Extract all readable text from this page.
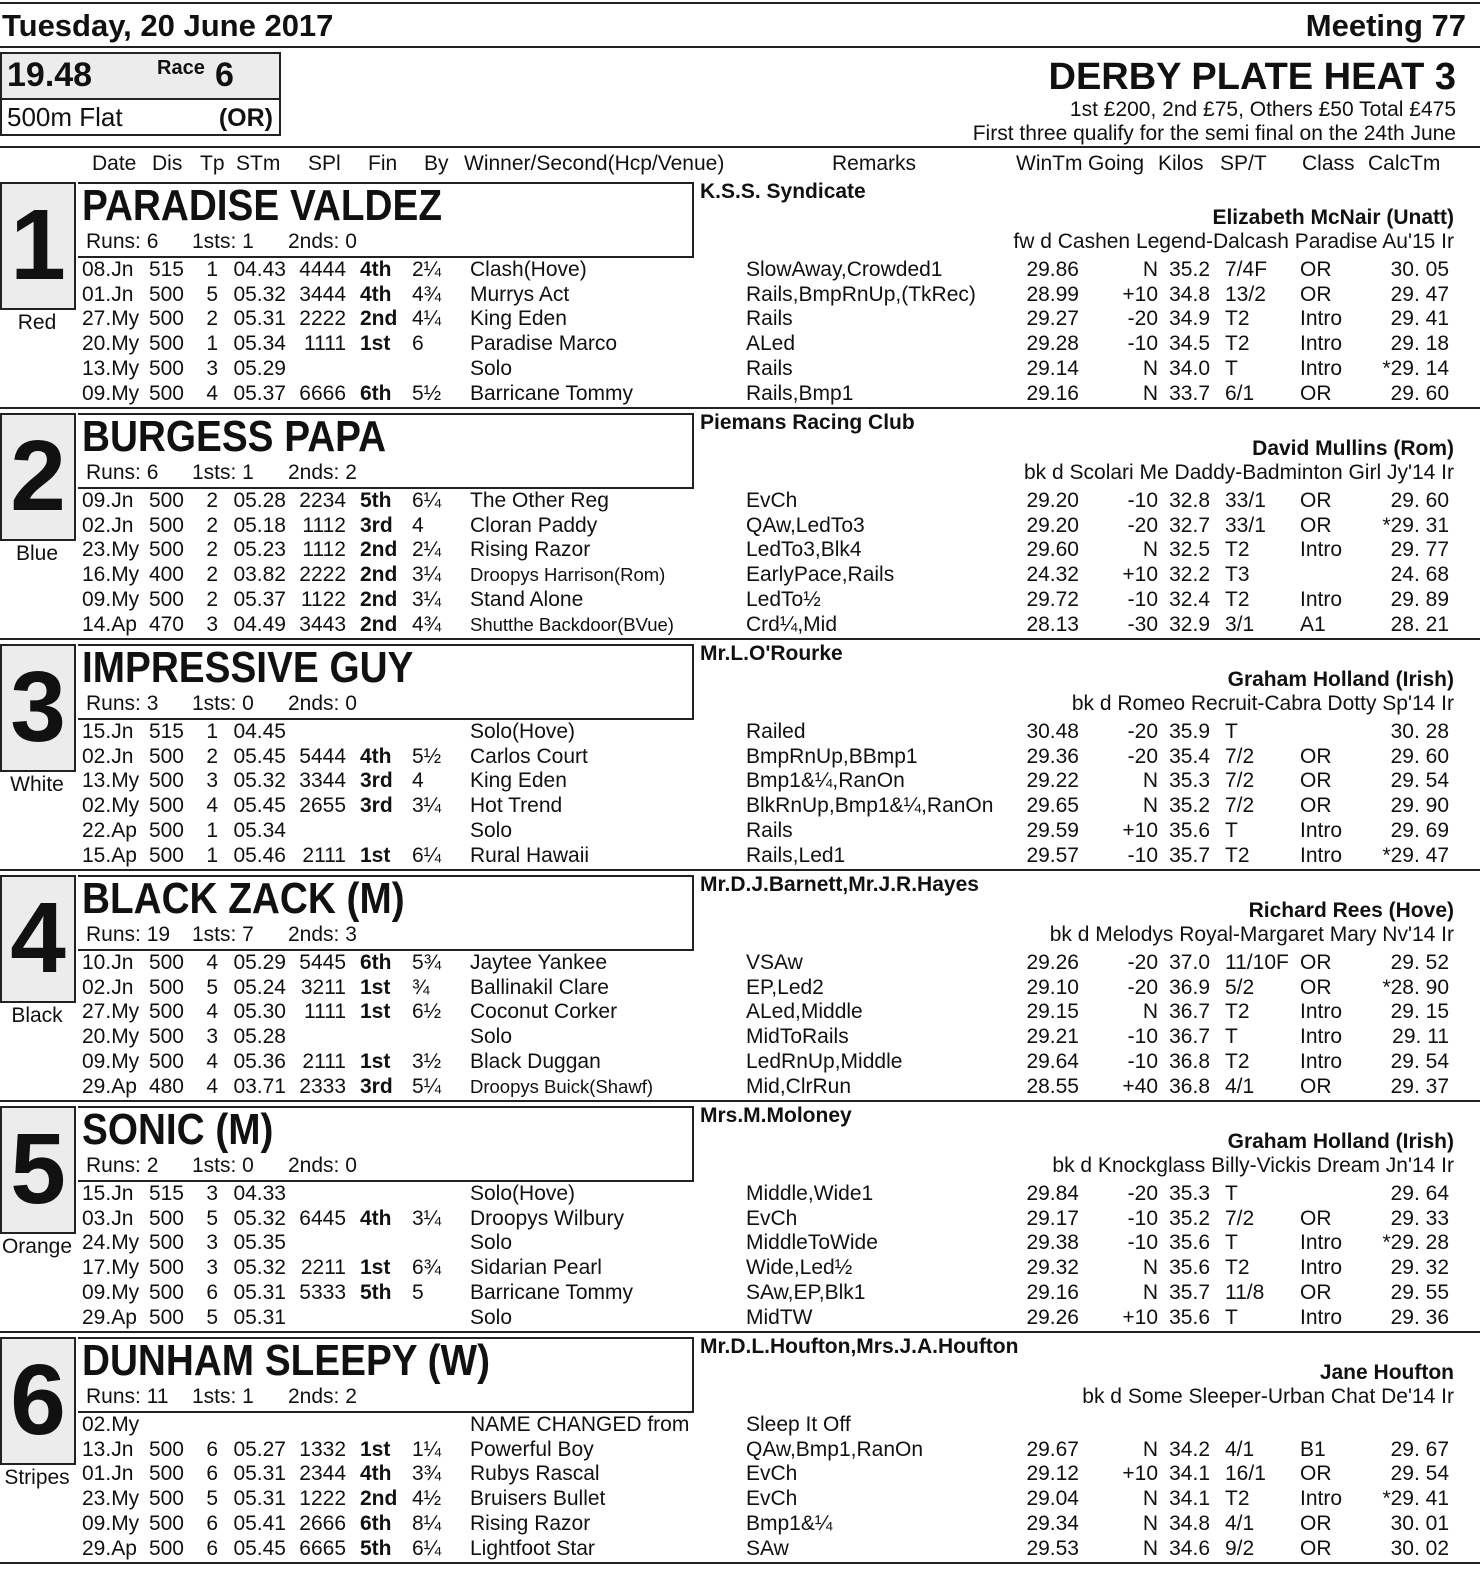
Tuesday, 20 June 2017	Meeting 77
19.48	Race 6
500m Flat	(OR)
DERBY PLATE HEAT 3
1st £200, 2nd £75, Others £50 Total £475
First three qualify for the semi final on the 24th June
Date Dis Tp STm SPl Fin By Winner/Second(Hcp/Venue)	Remarks	WinTm Going Kilos SP/T Class CalcTm
1
Red
PARADISE VALDEZ
Runs: 6 1sts: 1 2nds: 0
K.S.S. Syndicate
Elizabeth McNair (Unatt)
fw d Cashen Legend-Dalcash Paradise Au'15 Ir
08.Jn 515 1 04.43 4444 4th 2¼ Clash(Hove)	SlowAway,Crowded1	29.86	N 35.2 7/4F OR	30. 05
01.Jn 500 5 05.32 3444 4th 4¾ Murrys Act	Rails,BmpRnUp,(TkRec) 28.99 +10 34.8 13/2 OR	29. 47
27.My 500 2 05.31 2222 2nd 4¼ King Eden	Rails	29.27 -20 34.9 T2 Intro 29. 41
20.My 500 1 05.34 1111 1st 6 Paradise Marco	ALed	29.28 -10 34.5 T2 Intro 29. 18
13.My 500 3 05.29	Solo	Rails	29.14	N 34.0 T	Intro *29. 14
09.My 500 4 05.37 6666 6th 5½ Barricane Tommy	Rails,Bmp1	29.16	N 33.7 6/1 OR	29. 60
2
Blue
BURGESS PAPA
Runs: 6 1sts: 1 2nds: 2
Piemans Racing Club
David Mullins (Rom)
bk d Scolari Me Daddy-Badminton Girl Jy'14 Ir
09.Jn 500 2 05.28 2234 5th 6¼ The Other Reg	EvCh	29.20 -10 32.8 33/1 OR	29. 60
02.Jn 500 2 05.18 1112 3rd 4 Cloran Paddy	QAw,LedTo3	29.20 -20 32.7 33/1 OR *29. 31
23.My 500 2 05.23 1112 2nd 2¼ Rising Razor	LedTo3,Blk4	29.60	N 32.5 T2 Intro 29. 77
16.My 400 2 03.82 2222 2nd 3¼ Droopys Harrison(Rom)	EarlyPace,Rails	24.32 +10 32.2 T3	24. 68
09.My 500 2 05.37 1122 2nd 3¼ Stand Alone	LedTo½	29.72 -10 32.4 T2 Intro 29. 89
14.Ap 470 3 04.49 3443 2nd 4¾ Shutthe Backdoor(BVue)	Crd¼,Mid	28.13 -30 32.9 3/1 A1	28. 21
3
White
IMPRESSIVE GUY
Runs: 3 1sts: 0 2nds: 0
Mr.L.O'Rourke
Graham Holland (Irish)
bk d Romeo Recruit-Cabra Dotty Sp'14 Ir
15.Jn 515 1 04.45	Solo(Hove)	Railed	30.48 -20 35.9 T	30. 28
02.Jn 500 2 05.45 5444 4th 5½ Carlos Court	BmpRnUp,BBmp1	29.36 -20 35.4 7/2 OR	29. 60
13.My 500 3 05.32 3344 3rd 4 King Eden	Bmp1&¼,RanOn	29.22	N 35.3 7/2 OR	29. 54
02.My 500 4 05.45 2655 3rd 3¼ Hot Trend	BlkRnUp,Bmp1&¼,RanOn 29.65	N 35.2 7/2 OR	29. 90
22.Ap 500 1 05.34	Solo	Rails	29.59 +10 35.6 T	Intro 29. 69
15.Ap 500 1 05.46 2111 1st 6¼ Rural Hawaii	Rails,Led1	29.57 -10 35.7 T2 Intro *29. 47
4
Black
BLACK ZACK (M)
Runs: 19 1sts: 7 2nds: 3
Mr.D.J.Barnett,Mr.J.R.Hayes
Richard Rees (Hove)
bk d Melodys Royal-Margaret Mary Nv'14 Ir
10.Jn 500 4 05.29 5445 6th 5¾ Jaytee Yankee	VSAw	29.26 -20 37.0 11/10F OR	29. 52
02.Jn 500 5 05.24 3211 1st ¾ Ballinakil Clare	EP,Led2	29.10 -20 36.9 5/2 OR *28. 90
27.My 500 4 05.30 1111 1st 6½ Coconut Corker	ALed,Middle	29.15	N 36.7 T2 Intro 29. 15
20.My 500 3 05.28	Solo	MidToRails	29.21 -10 36.7 T	Intro 29. 11
09.My 500 4 05.36 2111 1st 3½ Black Duggan	LedRnUp,Middle	29.64 -10 36.8 T2 Intro 29. 54
29.Ap 480 4 03.71 2333 3rd 5¼ Droopys Buick(Shawf)	Mid,ClrRun	28.55 +40 36.8 4/1 OR	29. 37
5
Orange
SONIC (M)
Runs: 2 1sts: 0 2nds: 0
Mrs.M.Moloney
Graham Holland (Irish)
bk d Knockglass Billy-Vickis Dream Jn'14 Ir
15.Jn 515 3 04.33	Solo(Hove)	Middle,Wide1	29.84 -20 35.3 T	29. 64
03.Jn 500 5 05.32 6445 4th 3¼ Droopys Wilbury	EvCh	29.17 -10 35.2 7/2 OR	29. 33
24.My 500 3 05.35	Solo	MiddleToWide	29.38 -10 35.6 T	Intro *29. 28
17.My 500 3 05.32 2211 1st 6¾ Sidarian Pearl	Wide,Led½	29.32	N 35.6 T2 Intro 29. 32
09.My 500 6 05.31 5333 5th 5 Barricane Tommy	SAw,EP,Blk1	29.16	N 35.7 11/8 OR	29. 55
29.Ap 500 5 05.31	Solo	MidTW	29.26 +10 35.6 T	Intro 29. 36
6
Stripes
DUNHAM SLEEPY (W)
Runs: 11 1sts: 1 2nds: 2
Mr.D.L.Houfton,Mrs.J.A.Houfton
Jane Houfton
bk d Some Sleeper-Urban Chat De'14 Ir
02.My	NAME CHANGED from	Sleep It Off
13.Jn 500 6 05.27 1332 1st 1¼ Powerful Boy	QAw,Bmp1,RanOn	29.67	N 34.2 4/1 B1	29. 67
01.Jn 500 6 05.31 2344 4th 3¾ Rubys Rascal	EvCh	29.12 +10 34.1 16/1 OR	29. 54
23.My 500 5 05.31 1222 2nd 4½ Bruisers Bullet	EvCh	29.04	N 34.1 T2 Intro *29. 41
09.My 500 6 05.41 2666 6th 8¼ Rising Razor	Bmp1&¼	29.34	N 34.8 4/1 OR	30. 01
29.Ap 500 6 05.45 6665 5th 6¼ Lightfoot Star	SAw	29.53	N 34.6 9/2 OR	30. 02
